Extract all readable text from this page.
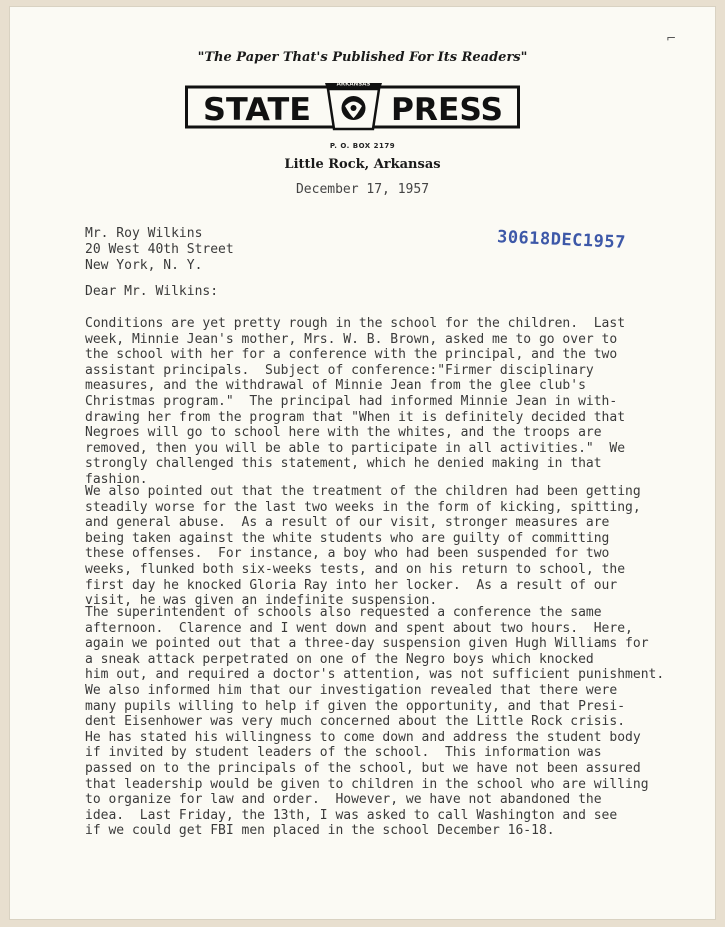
⌐
"The Paper That's Published For Its Readers"
STATE
ARKANSAS
PRESS
P. O. BOX 2179
Little Rock, Arkansas
December 17, 1957
Mr. Roy Wilkins
20 West 40th Street
New York, N. Y.
30618DEC1957
Dear Mr. Wilkins:
Conditions are yet pretty rough in the school for the children.  Last
week, Minnie Jean's mother, Mrs. W. B. Brown, asked me to go over to
the school with her for a conference with the principal, and the two
assistant principals.  Subject of conference:"Firmer disciplinary
measures, and the withdrawal of Minnie Jean from the glee club's
Christmas program."  The principal had informed Minnie Jean in with-
drawing her from the program that "When it is definitely decided that
Negroes will go to school here with the whites, and the troops are
removed, then you will be able to participate in all activities."  We
strongly challenged this statement, which he denied making in that
fashion.
We also pointed out that the treatment of the children had been getting
steadily worse for the last two weeks in the form of kicking, spitting,
and general abuse.  As a result of our visit, stronger measures are
being taken against the white students who are guilty of committing
these offenses.  For instance, a boy who had been suspended for two
weeks, flunked both six-weeks tests, and on his return to school, the
first day he knocked Gloria Ray into her locker.  As a result of our
visit, he was given an indefinite suspension.
The superintendent of schools also requested a conference the same
afternoon.  Clarence and I went down and spent about two hours.  Here,
again we pointed out that a three-day suspension given Hugh Williams for
a sneak attack perpetrated on one of the Negro boys which knocked
him out, and required a doctor's attention, was not sufficient punishment.
We also informed him that our investigation revealed that there were
many pupils willing to help if given the opportunity, and that Presi-
dent Eisenhower was very much concerned about the Little Rock crisis.
He has stated his willingness to come down and address the student body
if invited by student leaders of the school.  This information was
passed on to the principals of the school, but we have not been assured
that leadership would be given to children in the school who are willing
to organize for law and order.  However, we have not abandoned the
idea.  Last Friday, the 13th, I was asked to call Washington and see
if we could get FBI men placed in the school December 16-18.
